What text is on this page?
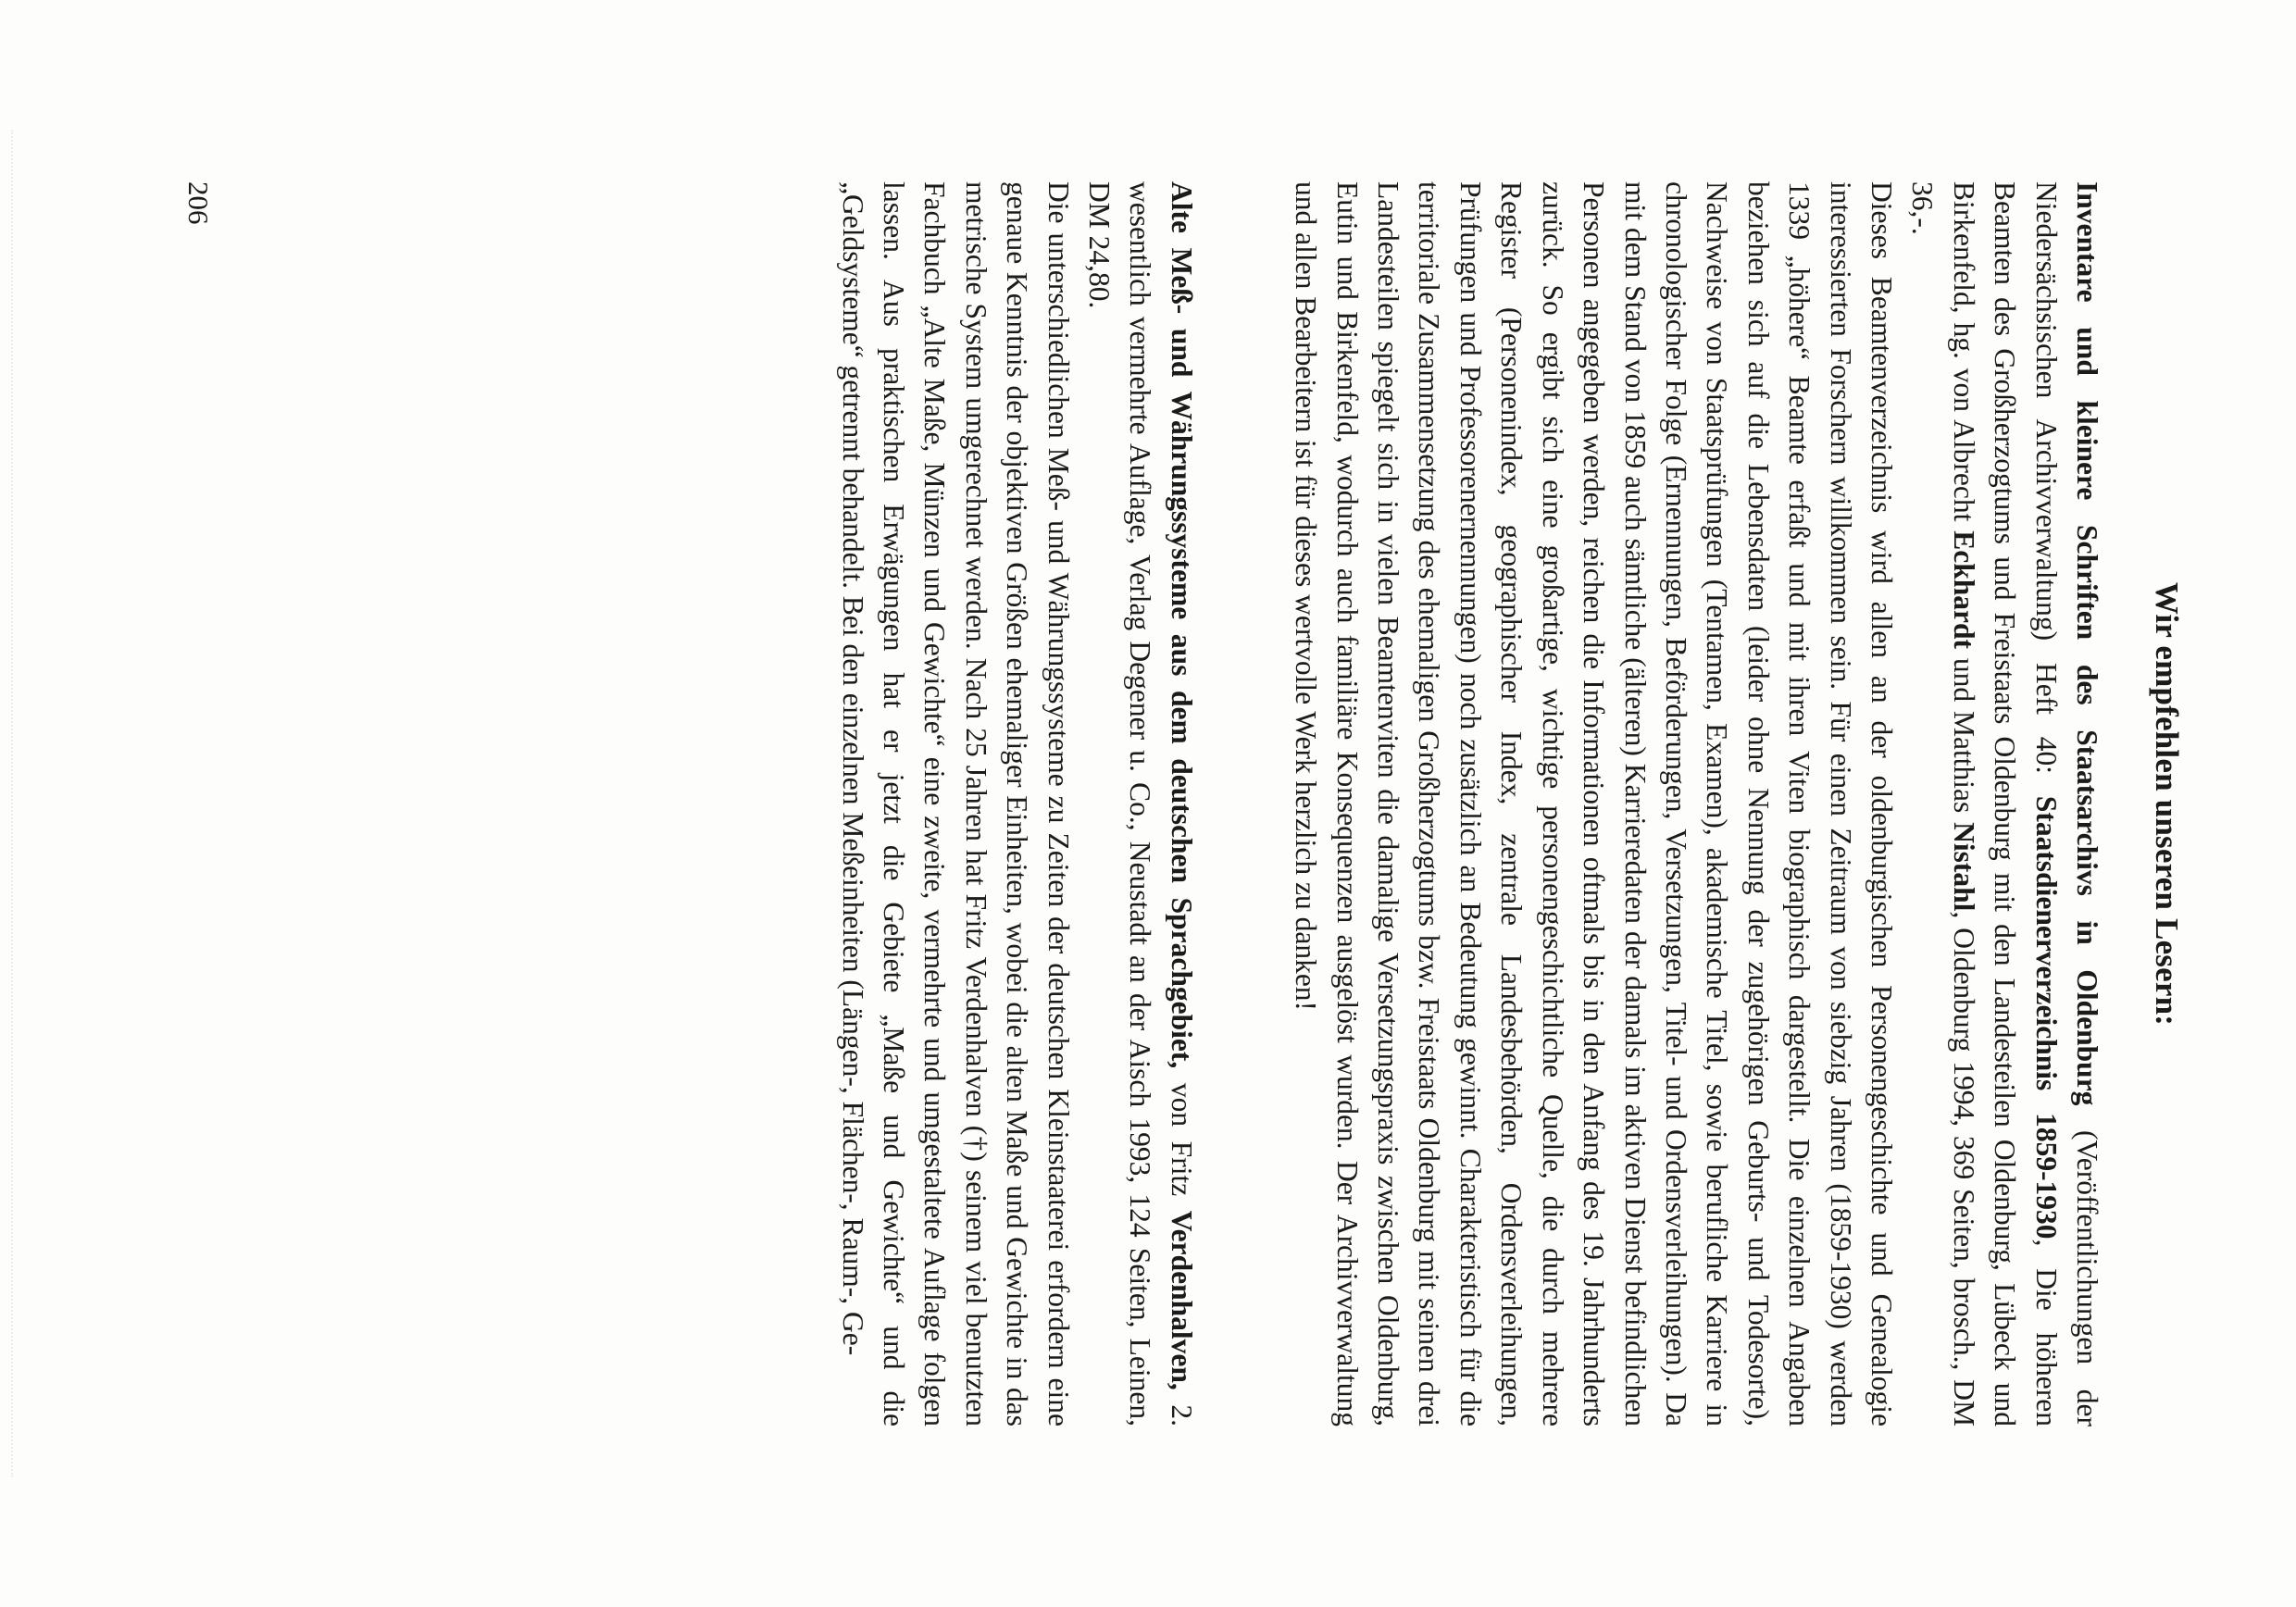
Wir empfehlen unseren Lesern:

Inventare und kleinere Schriften des Staatsarchivs in Oldenburg (Veröffentlichungen der Niedersächsischen Archivverwaltung) Heft 40: Staatsdienerverzeichnis 1859-1930, Die höheren Beamten des Großherzogtums und Freistaats Oldenburg mit den Landesteilen Oldenburg, Lübeck und Birkenfeld, hg. von Albrecht Eckhardt und Matthias Nistahl, Oldenburg 1994, 369 Seiten, brosch., DM 36,-.

Dieses Beamtenverzeichnis wird allen an der oldenburgischen Personengeschichte und Genealogie interessierten Forschern willkommen sein. Für einen Zeitraum von siebzig Jahren (1859-1930) werden 1339 „höhere“ Beamte erfaßt und mit ihren Viten biographisch dargestellt. Die einzelnen Angaben beziehen sich auf die Lebensdaten (leider ohne Nennung der zugehörigen Geburts- und Todesorte), Nachweise von Staatsprüfungen (Tentamen, Examen), akademische Titel, sowie berufliche Karriere in chronologischer Folge (Ernennungen, Beförderungen, Versetzungen, Titel- und Ordensverleihungen). Da mit dem Stand von 1859 auch sämtliche (älteren) Karrieredaten der damals im aktiven Dienst befindlichen Personen angegeben werden, reichen die Informationen oftmals bis in den Anfang des 19. Jahrhunderts zurück. So ergibt sich eine großartige, wichtige personengeschichtliche Quelle, die durch mehrere Register (Personenindex, geographischer Index, zentrale Landesbehörden, Ordensverleihungen, Prüfungen und Professorenernennungen) noch zusätzlich an Bedeutung gewinnt. Charakteristisch für die territoriale Zusammensetzung des ehemaligen Großherzogtums bzw. Freistaats Oldenburg mit seinen drei Landesteilen spiegelt sich in vielen Beamtenviten die damalige Versetzungspraxis zwischen Oldenburg, Eutin und Birkenfeld, wodurch auch familiäre Konsequenzen ausgelöst wurden. Der Archivverwaltung und allen Bearbeitern ist für dieses wertvolle Werk herzlich zu danken!

Alte Meß- und Währungssysteme aus dem deutschen Sprachgebiet, von Fritz Verdenhalven, 2. wesentlich vermehrte Auflage, Verlag Degener u. Co., Neustadt an der Aisch 1993, 124 Seiten, Leinen, DM 24,80.

Die unterschiedlichen Meß- und Währungssysteme zu Zeiten der deutschen Kleinstaaterei erfordern eine genaue Kenntnis der objektiven Größen ehemaliger Einheiten, wobei die alten Maße und Gewichte in das metrische System umgerechnet werden. Nach 25 Jahren hat Fritz Verdenhalven (†) seinem viel benutzten Fachbuch „Alte Maße, Münzen und Gewichte“ eine zweite, vermehrte und umgestaltete Auflage folgen lassen. Aus praktischen Erwägungen hat er jetzt die Gebiete „Maße und Gewichte“ und die „Geldsysteme“ getrennt behandelt. Bei den einzelnen Meßeinheiten (Längen-, Flächen-, Raum-, Ge-

206
